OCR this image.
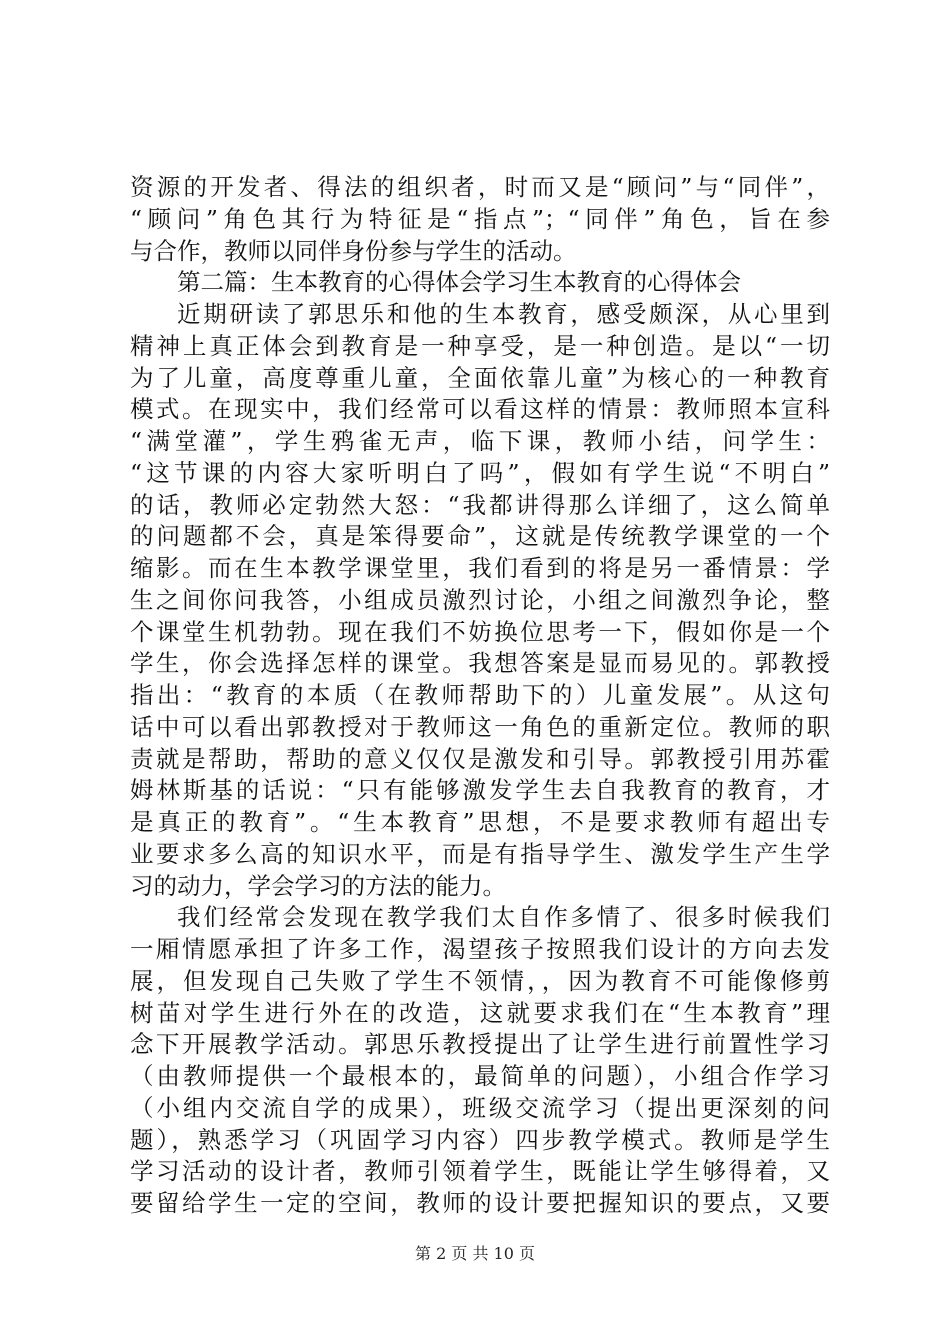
资源的开发者、得法的组织者，时而又是“顾问”与“同伴”，
“顾问”角色其行为特征是“指点”；“同伴”角色，旨在参
与合作，教师以同伴身份参与学生的活动。
第二篇：生本教育的心得体会学习生本教育的心得体会
近期研读了郭思乐和他的生本教育，感受颇深，从心里到
精神上真正体会到教育是一种享受，是一种创造。是以“一切
为了儿童，高度尊重儿童，全面依靠儿童”为核心的一种教育
模式。在现实中，我们经常可以看这样的情景：教师照本宣科
“满堂灌”，学生鸦雀无声，临下课，教师小结，问学生：
“这节课的内容大家听明白了吗”，假如有学生说“不明白”
的话，教师必定勃然大怒：“我都讲得那么详细了，这么简单
的问题都不会，真是笨得要命”，这就是传统教学课堂的一个
缩影。而在生本教学课堂里，我们看到的将是另一番情景：学
生之间你问我答，小组成员激烈讨论，小组之间激烈争论，整
个课堂生机勃勃。现在我们不妨换位思考一下，假如你是一个
学生，你会选择怎样的课堂。我想答案是显而易见的。郭教授
指出：“教育的本质（在教师帮助下的）儿童发展”。从这句
话中可以看出郭教授对于教师这一角色的重新定位。教师的职
责就是帮助，帮助的意义仅仅是激发和引导。郭教授引用苏霍
姆林斯基的话说：“只有能够激发学生去自我教育的教育，才
是真正的教育”。“生本教育”思想，不是要求教师有超出专
业要求多么高的知识水平，而是有指导学生、激发学生产生学
习的动力，学会学习的方法的能力。
我们经常会发现在教学我们太自作多情了、很多时候我们
一厢情愿承担了许多工作，渴望孩子按照我们设计的方向去发
展，但发现自己失败了学生不领情，，因为教育不可能像修剪
树苗对学生进行外在的改造，这就要求我们在“生本教育”理
念下开展教学活动。郭思乐教授提出了让学生进行前置性学习
（由教师提供一个最根本的，最简单的问题），小组合作学习
（小组内交流自学的成果），班级交流学习（提出更深刻的问
题），熟悉学习（巩固学习内容）四步教学模式。教师是学生
学习活动的设计者，教师引领着学生，既能让学生够得着，又
要留给学生一定的空间，教师的设计要把握知识的要点，又要
第 2 页 共 10 页
